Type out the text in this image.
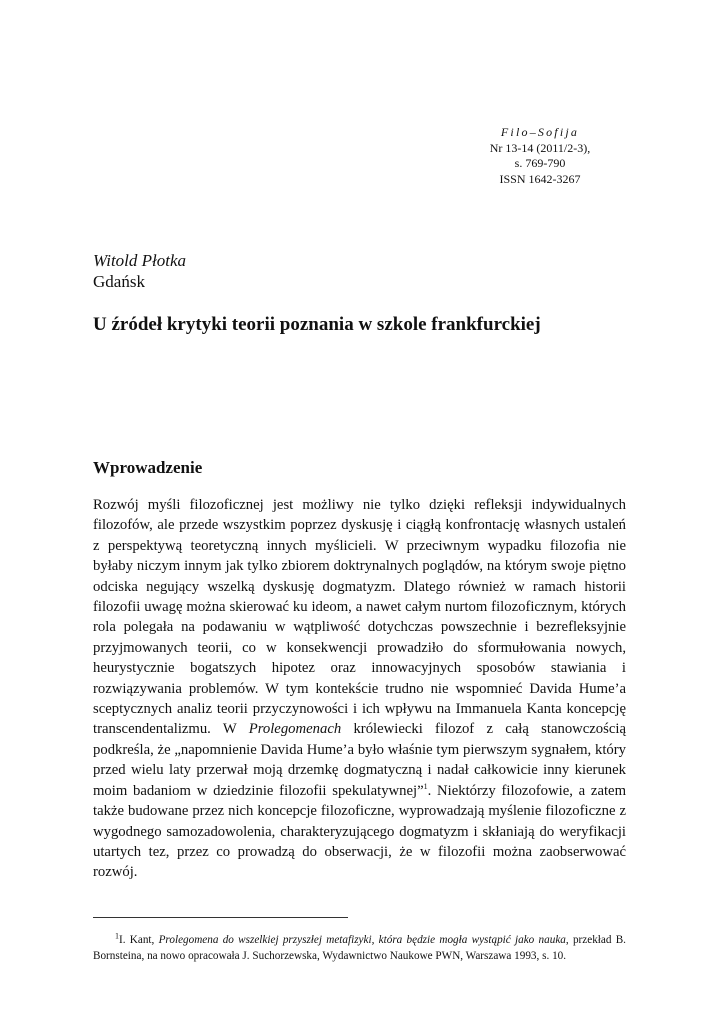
Filo–Sofija
Nr 13-14 (2011/2-3),
s. 769-790
ISSN 1642-3267
Witold Płotka
Gdańsk
U źródeł krytyki teorii poznania w szkole frankfurckiej
Wprowadzenie

Rozwój myśli filozoficznej jest możliwy nie tylko dzięki refleksji indywidualnych filozofów, ale przede wszystkim poprzez dyskusję i ciągłą konfrontację własnych ustaleń z perspektywą teoretyczną innych myślicieli. W przeciwnym wypadku filozofia nie byłaby niczym innym jak tylko zbiorem doktrynalnych poglądów, na którym swoje piętno odciska negujący wszelką dyskusję dogmatyzm. Dlatego również w ramach historii filozofii uwagę można skierować ku ideom, a nawet całym nurtom filozoficznym, których rola polegała na podawaniu w wątpliwość dotychczas powszechnie i bezrefleksyjnie przyjmowanych teorii, co w konsekwencji prowadziło do sformułowania nowych, heurystycznie bogatszych hipotez oraz innowacyjnych sposobów stawiania i rozwiązywania problemów. W tym kontekście trudno nie wspomnieć Davida Hume’a sceptycznych analiz teorii przyczynowości i ich wpływu na Immanuela Kanta koncepcję transcendentalizmu. W Prolegomenach królewiecki filozof z całą stanowczością podkreśla, że „napomnienie Davida Hume’a było właśnie tym pierwszym sygnałem, który przed wielu laty przerwał moją drzemkę dogmatyczną i nadał całkowicie inny kierunek moim badaniom w dziedzinie filozofii spekulatywnej”$^1$. Niektórzy filozofowie, a zatem także budowane przez nich koncepcje filozoficzne, wyprowadzają myślenie filozoficzne z wygodnego samozadowolenia, charakteryzującego dogmatyzm i skłaniają do weryfikacji utartych tez, przez co prowadzą do obserwacji, że w filozofii można zaobserwować rozwój.

$^1$I. Kant, Prolegomena do wszelkiej przyszłej metafizyki, która będzie mogła wystąpić jako nauka, przekład B. Bornsteina, na nowo opracowała J. Suchorzewska, Wydawnictwo Naukowe PWN, Warszawa 1993, s. 10.
